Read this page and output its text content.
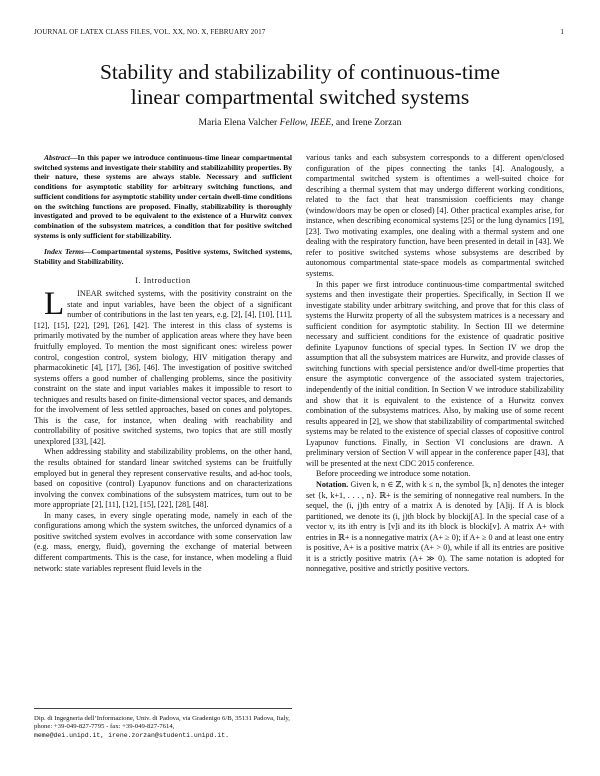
JOURNAL OF LATEX CLASS FILES, VOL. XX, NO. X, FEBRUARY 2017	1
Stability and stabilizability of continuous-time
linear compartmental switched systems
Maria Elena Valcher Fellow, IEEE, and Irene Zorzan

Abstract—In this paper we introduce continuous-time linear compartmental switched systems and investigate their stability and stabilizability properties. By their nature, these systems are always stable. Necessary and sufficient conditions for asymptotic stability for arbitrary switching functions, and sufficient conditions for asymptotic stability under certain dwell-time conditions on the switching functions are proposed. Finally, stabilizability is thoroughly investigated and proved to be equivalent to the existence of a Hurwitz convex combination of the subsystem matrices, a condition that for positive switched systems is only sufficient for stabilizability.

Index Terms—Compartmental systems, Positive systems, Switched systems, Stability and Stabilizability.

I. Introduction

L INEAR switched systems, with the positivity constraint on the state and input variables, have been the object of a significant number of contributions in the last ten years, e.g. [2], [4], [10], [11], [12], [15], [22], [29], [26], [42]. The interest in this class of systems is primarily motivated by the number of application areas where they have been fruitfully employed. To mention the most significant ones: wireless power control, congestion control, system biology, HIV mitigation therapy and pharmacokinetic [4], [17], [36], [46]. The investigation of positive switched systems offers a good number of challenging problems, since the positivity constraint on the state and input variables makes it impossible to resort to techniques and results based on finite-dimensional vector spaces, and demands for the involvement of less settled approaches, based on cones and polytopes. This is the case, for instance, when dealing with reachability and controllability of positive switched systems, two topics that are still mostly unexplored [33], [42].

When addressing stability and stabilizability problems, on the other hand, the results obtained for standard linear switched systems can be fruitfully employed but in general they represent conservative results, and ad-hoc tools, based on copositive (control) Lyapunov functions and on characterizations involving the convex combinations of the subsystem matrices, turn out to be more appropriate [2], [11], [12], [15], [22], [28], [48].

In many cases, in every single operating mode, namely in each of the configurations among which the system switches, the unforced dynamics of a positive switched system evolves in accordance with some conservation law (e.g. mass, energy, fluid), governing the exchange of material between different compartments. This is the case, for instance, when modeling a fluid network: state variables represent fluid levels in the

various tanks and each subsystem corresponds to a different open/closed configuration of the pipes connecting the tanks [4]. Analogously, a compartmental switched system is oftentimes a well-suited choice for describing a thermal system that may undergo different working conditions, related to the fact that heat transmission coefficients may change (window/doors may be open or closed) [4]. Other practical examples arise, for instance, when describing economical systems [25] or the lung dynamics [19], [23]. Two motivating examples, one dealing with a thermal system and one dealing with the respiratory function, have been presented in detail in [43]. We refer to positive switched systems whose subsystems are described by autonomous compartmental state-space models as compartmental switched systems.

In this paper we first introduce continuous-time compartmental switched systems and then investigate their properties. Specifically, in Section II we investigate stability under arbitrary switching, and prove that for this class of systems the Hurwitz property of all the subsystem matrices is a necessary and sufficient condition for asymptotic stability. In Section III we determine necessary and sufficient conditions for the existence of quadratic positive definite Lyapunov functions of special types. In Section IV we drop the assumption that all the subsystem matrices are Hurwitz, and provide classes of switching functions with special persistence and/or dwell-time properties that ensure the asymptotic convergence of the associated system trajectories, independently of the initial condition. In Section V we introduce stabilizability and show that it is equivalent to the existence of a Hurwitz convex combination of the subsystems matrices. Also, by making use of some recent results appeared in [2], we show that stabilizability of compartmental switched systems may be related to the existence of special classes of copositive control Lyapunov functions. Finally, in Section VI conclusions are drawn. A preliminary version of Section V will appear in the conference paper [43], that will be presented at the next CDC 2015 conference.

Before proceeding we introduce some notation.

Notation. Given k, n ∈ ℤ, with k ≤ n, the symbol [k, n] denotes the integer set {k, k+1, . . . , n}. ℝ+ is the semiring of nonnegative real numbers. In the sequel, the (i, j)th entry of a matrix A is denoted by [A]ij. If A is block partitioned, we denote its (i, j)th block by blockij[A]. In the special case of a vector v, its ith entry is [v]i and its ith block is blocki[v]. A matrix A+ with entries in ℝ+ is a nonnegative matrix (A+ ≥ 0); if A+ ≥ 0 and at least one entry is positive, A+ is a positive matrix (A+ > 0), while if all its entries are positive it is a strictly positive matrix (A+ ≫ 0). The same notation is adopted for nonnegative, positive and strictly positive vectors.

Dip. di Ingegneria dell’Informazione, Univ. di Padova, via Gradenigo 6/B, 35131 Padova, Italy, phone: +39-049-827-7795 - fax: +39-049-827-7614,
meme@dei.unipd.it, irene.zorzan@studenti.unipd.it.
